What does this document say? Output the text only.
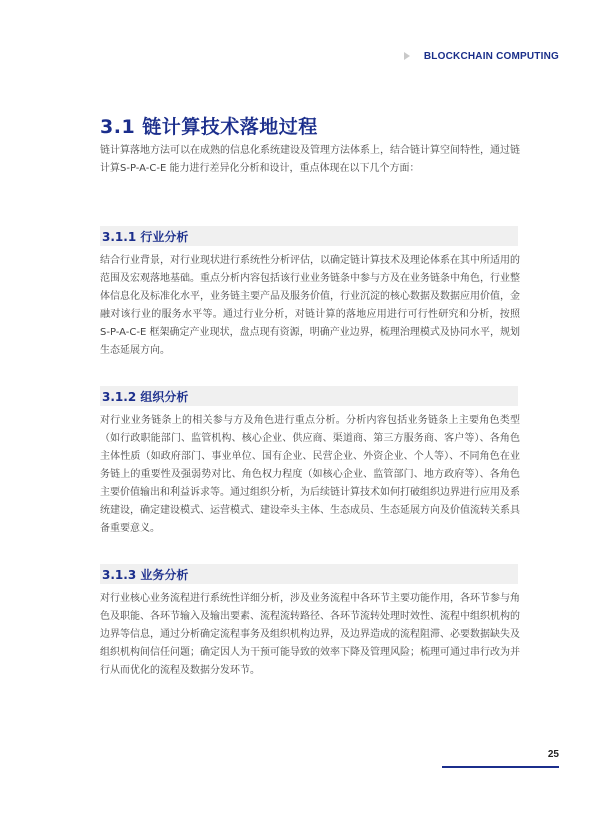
BLOCKCHAIN COMPUTING
3.1 链计算技术落地过程

链计算落地方法可以在成熟的信息化系统建设及管理方法体系上，结合链计算空间特性，通过链计算S-P-A-C-E 能力进行差异化分析和设计，重点体现在以下几个方面：

3.1.1 行业分析

结合行业背景，对行业现状进行系统性分析评估，以确定链计算技术及理论体系在其中所适用的范围及宏观落地基础。重点分析内容包括该行业业务链条中参与方及在业务链条中角色，行业整体信息化及标准化水平，业务链主要产品及服务价值，行业沉淀的核心数据及数据应用价值，金融对该行业的服务水平等。通过行业分析，对链计算的落地应用进行可行性研究和分析，按照 S-P-A-C-E 框架确定产业现状，盘点现有资源，明确产业边界，梳理治理模式及协同水平，规划生态延展方向。

3.1.2 组织分析

对行业业务链条上的相关参与方及角色进行重点分析。分析内容包括业务链条上主要角色类型（如行政职能部门、监管机构、核心企业、供应商、渠道商、第三方服务商、客户等）、各角色主体性质（如政府部门、事业单位、国有企业、民营企业、外资企业、个人等）、不同角色在业务链上的重要性及强弱势对比、角色权力程度（如核心企业、监管部门、地方政府等）、各角色主要价值输出和利益诉求等。通过组织分析，为后续链计算技术如何打破组织边界进行应用及系统建设，确定建设模式、运营模式、建设牵头主体、生态成员、生态延展方向及价值流转关系具备重要意义。

3.1.3 业务分析

对行业核心业务流程进行系统性详细分析，涉及业务流程中各环节主要功能作用，各环节参与角色及职能、各环节输入及输出要素、流程流转路径、各环节流转处理时效性、流程中组织机构的边界等信息，通过分析确定流程事务及组织机构边界，及边界造成的流程阻滞、必要数据缺失及组织机构间信任问题；确定因人为干预可能导致的效率下降及管理风险；梳理可通过串行改为并行从而优化的流程及数据分发环节。

25
